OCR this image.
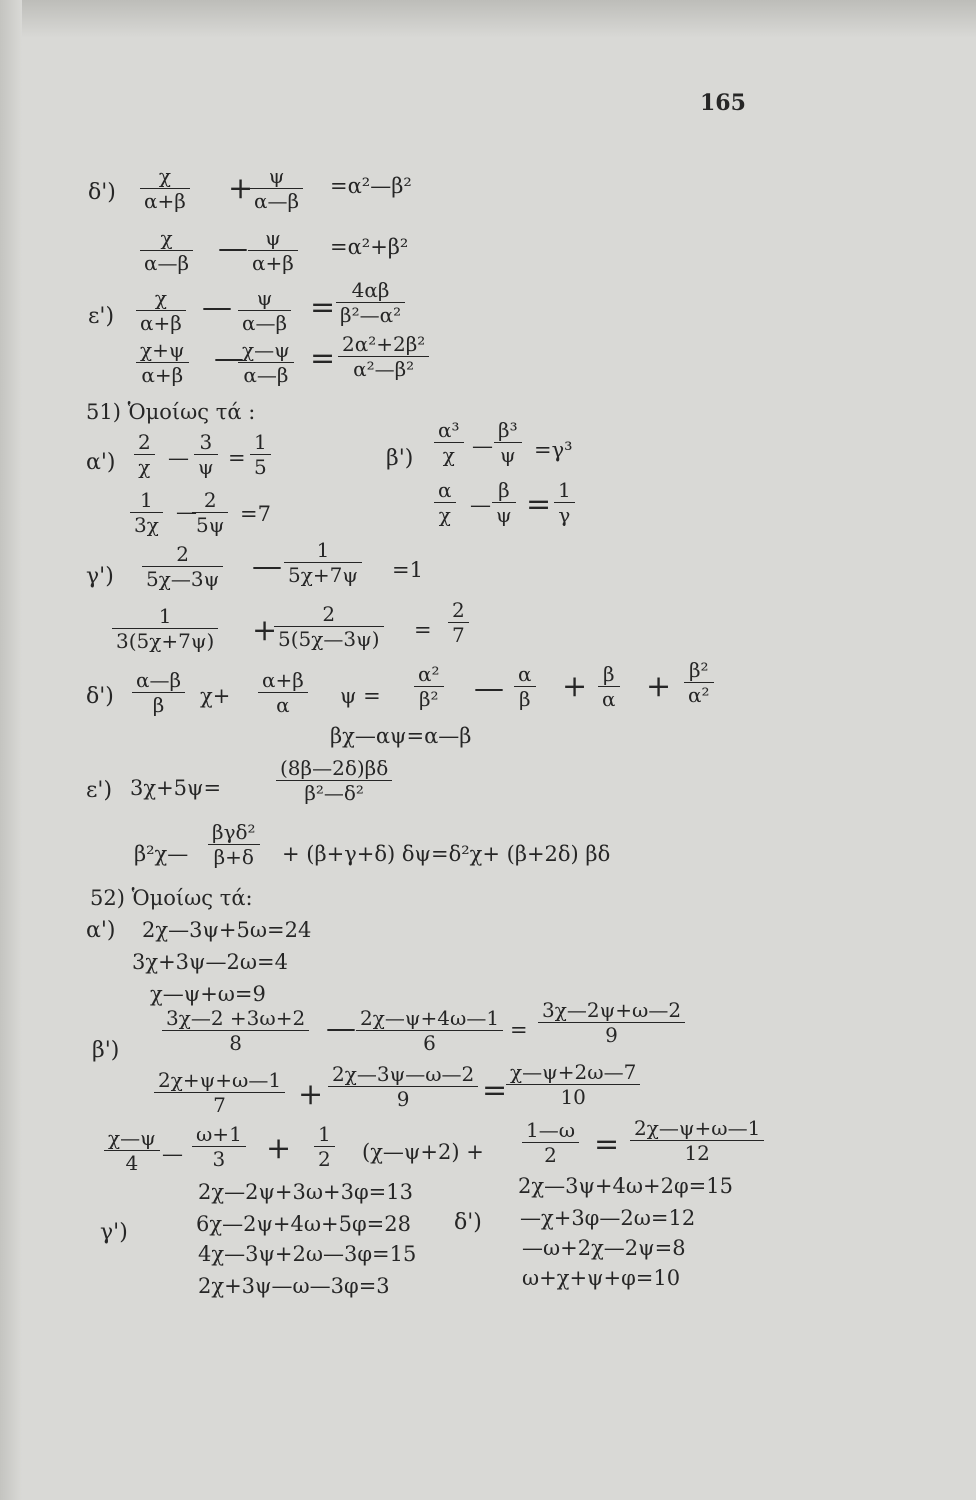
165
$\delta') \frac{\chi}{\alpha+\beta}$ +
$\frac{\psi}{\alpha—\beta}$ =α²—β²
$\frac{\chi}{\alpha—\beta}$ — $\frac{\psi}{\alpha+\beta} =\alpha^2+\beta^2$
$\varepsilon') \frac{\chi}{\alpha+\beta}$ — $\frac{\psi}{\alpha—\beta} = \frac{4\alpha\beta}{\text{β²—α²}}$
$\frac{\chi+\psi}{\alpha+\beta}$ —
$\frac{\chi—\psi}{\alpha—\beta} = \frac{\text{2α²+2β²}}{\text{α²—β²}}$
51) Ὁμοίως τά :
$\alpha') \frac{2}{\chi}$ — $\frac{3}{\psi} = \frac{1}{5}$
$\frac{1}{3\chi}$ —
$\frac{2}{5\psi} =7$
$\beta') \frac{\text{α³}}{\chi}$ — $\frac{\text{β³}}{\psi} =\gamma^3$
$\frac{\alpha}{\chi}$ — $\frac{\beta}{\psi} = \frac{1}{\gamma}$
$\gamma') \frac{2}{5\chi—3\psi}$ — $\frac{1}{5\chi+7\psi} =1$
$\frac{1}{3(5\chi+7\psi)}$ +
$\frac{2}{5(5\chi—3\psi)} = \frac{2}{7}$
$\delta') \frac{\alpha—\beta}{\beta} \chi+ \frac{\alpha+\beta}{\alpha}$ $\psi = \frac{\text{α²}}{\text{β²}}$ — $\frac{\alpha}{\beta} + \frac{\beta}{\alpha} + \frac{\text{β²}}{\text{α²}}$
βχ—αψ=α—β
ε') 3χ+5ψ=	$\frac{(8\beta—2\delta)\beta\delta}{\text{β²—δ²}}$
β²χ—
βγδ²
β+δ + (β+γ+δ) δψ=δ²χ+ (β+2δ) βδ
52) Ὁμοίως τά:
α') 2χ—3ψ+5ω=24
3χ+3ψ—2ω=4
χ—ψ+ω=9
$\beta') \frac{3\chi—2 +3\omega+2}{8}$ — $\frac{2\chi—\psi+4\omega—1}{6} = \frac{3\chi—2\psi+\omega—2}{9}$
$\frac{2\chi+\psi+\omega—1}{7} + \frac{2\chi—3\psi—\omega—2}{9}$ =
$\frac{\chi—\psi+2\omega—7}{10}$
$\frac{\chi—\psi}{4}$ — $\frac{\omega+1}{3} + \frac{1}{2}$ (χ—ψ+2) + $\frac{1—\omega}{2} = \frac{2\chi—\psi+\omega—1}{12}$
γ')
2χ—2ψ+3ω+3φ=13
6χ—2ψ+4ω+5φ=28
4χ—3ψ+2ω—3φ=15
2χ+3ψ—ω—3φ=3
δ')
2χ—3ψ+4ω+2φ=15
—χ+3φ—2ω=12
—ω+2χ—2ψ=8
ω+χ+ψ+φ=10
